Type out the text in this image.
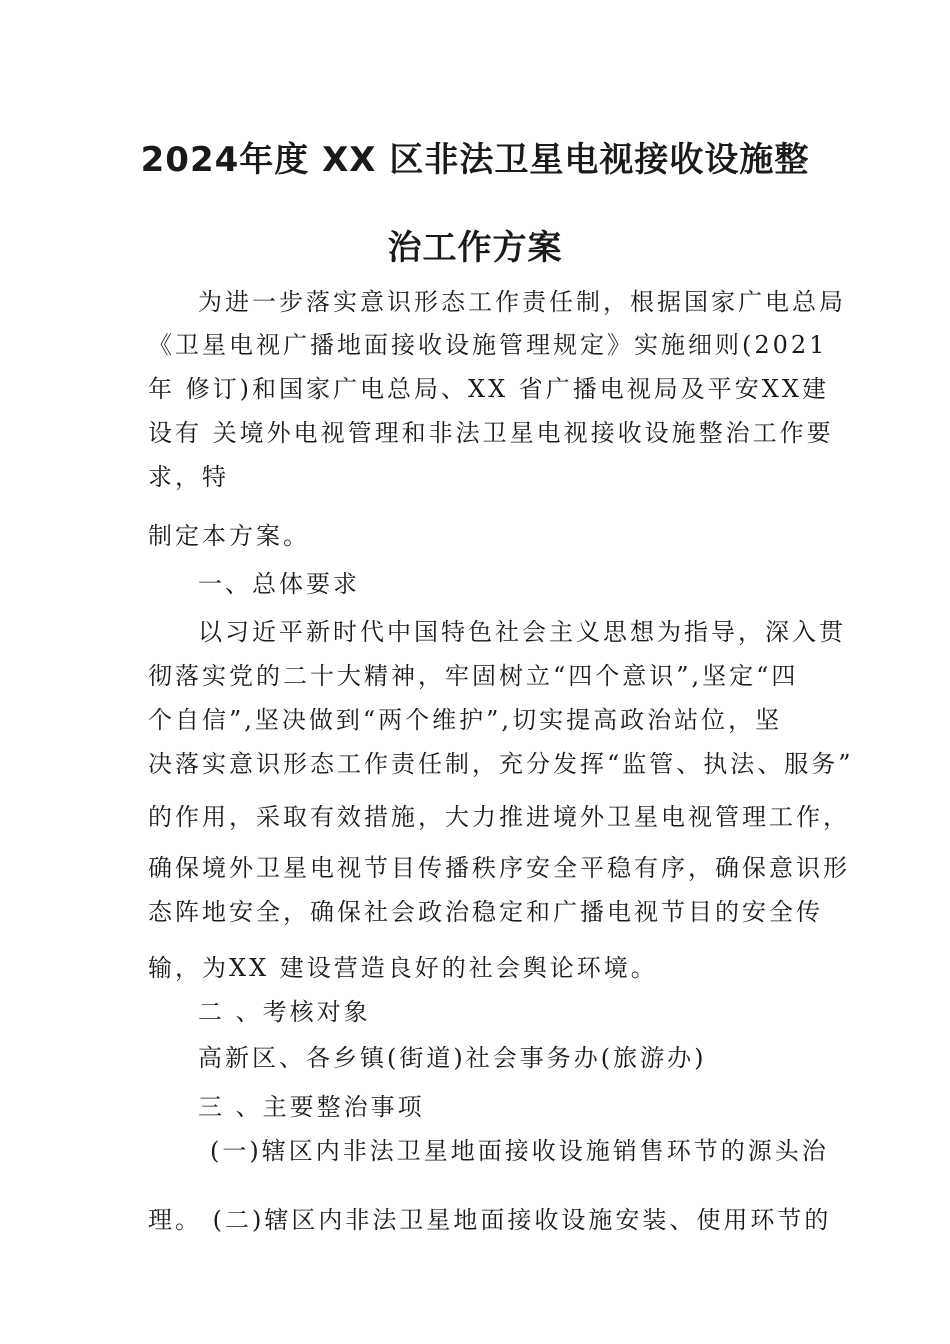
2024年度 XX 区非法卫星电视接收设施整
治工作方案
为进一步落实意识形态工作责任制，根据国家广电总局
《卫星电视广播地面接收设施管理规定》实施细则(2021
年 修订)和国家广电总局、XX 省广播电视局及平安XX建
设有 关境外电视管理和非法卫星电视接收设施整治工作要
求，特
制定本方案。
一、总体要求
以习近平新时代中国特色社会主义思想为指导，深入贯
彻落实党的二十大精神，牢固树立“四个意识”,坚定“四
个自信”,坚决做到“两个维护”,切实提高政治站位，坚
决落实意识形态工作责任制，充分发挥“监管、执法、服务”
的作用，采取有效措施，大力推进境外卫星电视管理工作，
确保境外卫星电视节目传播秩序安全平稳有序，确保意识形
态阵地安全，确保社会政治稳定和广播电视节目的安全传
输，为XX 建设营造良好的社会舆论环境。
二 、考核对象
高新区、各乡镇(街道)社会事务办(旅游办)
三 、主要整治事项
(一)辖区内非法卫星地面接收设施销售环节的源头治
理。 (二)辖区内非法卫星地面接收设施安装、使用环节的
